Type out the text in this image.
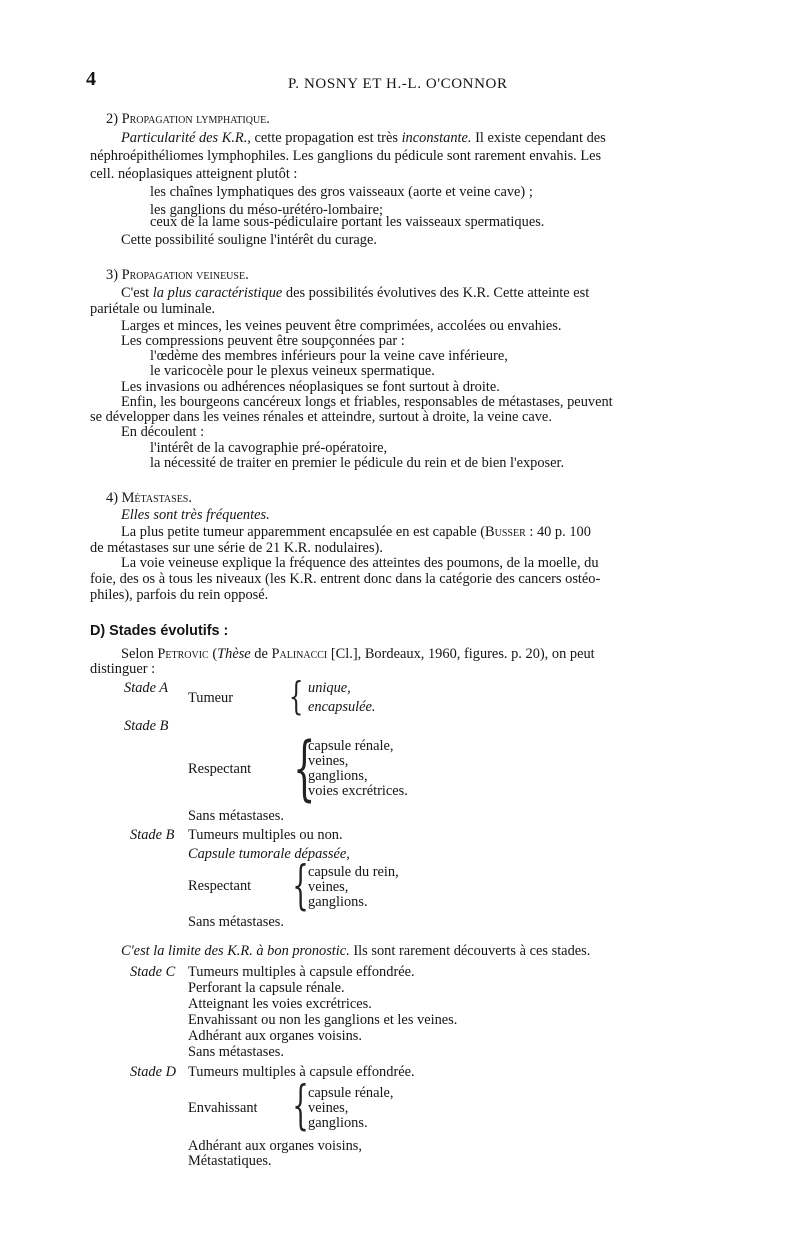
4	P. NOSNY ET H.-L. O'CONNOR
2) Propagation lymphatique.
Particularité des K.R., cette propagation est très inconstante. Il existe cependant des
néphroépithéliomes lymphophiles. Les ganglions du pédicule sont rarement envahis. Les
cell. néoplasiques atteignent plutôt :
les chaînes lymphatiques des gros vaisseaux (aorte et veine cave) ;
les ganglions du méso-urétéro-lombaire;
ceux de la lame sous-pédiculaire portant les vaisseaux spermatiques.
Cette possibilité souligne l'intérêt du curage.
3) Propagation veineuse.
C'est la plus caractéristique des possibilités évolutives des K.R. Cette atteinte est
pariétale ou luminale.
Larges et minces, les veines peuvent être comprimées, accolées ou envahies.
Les compressions peuvent être soupçonnées par :
l'œdème des membres inférieurs pour la veine cave inférieure,
le varicocèle pour le plexus veineux spermatique.
Les invasions ou adhérences néoplasiques se font surtout à droite.
Enfin, les bourgeons cancéreux longs et friables, responsables de métastases, peuvent
se développer dans les veines rénales et atteindre, surtout à droite, la veine cave.
En découlent :
l'intérêt de la cavographie pré-opératoire,
la nécessité de traiter en premier le pédicule du rein et de bien l'exposer.
4) Métastases.
Elles sont très fréquentes.
La plus petite tumeur apparemment encapsulée en est capable (Busser : 40 p. 100
de métastases sur une série de 21 K.R. nodulaires).
La voie veineuse explique la fréquence des atteintes des poumons, de la moelle, du
foie, des os à tous les niveaux (les K.R. entrent donc dans la catégorie des cancers ostéo-
philes), parfois du rein opposé.
D) Stades évolutifs :
Selon Petrovic (Thèse de Palinacci [Cl.], Bordeaux, 1960, figures. p. 20), on peut
distinguer :
Stade A
Tumeur { unique,
encapsulée.
Stade B
Respectant {
capsule rénale,
veines,
ganglions,
voies excrétrices.
Sans métastases.
Stade B Tumeurs multiples ou non.
Capsule tumorale dépassée,
Respectant { capsule du rein,
veines,
ganglions.
Sans métastases.
C'est la limite des K.R. à bon pronostic. Ils sont rarement découverts à ces stades.
Stade C Tumeurs multiples à capsule effondrée.
Perforant la capsule rénale.
Atteignant les voies excrétrices.
Envahissant ou non les ganglions et les veines.
Adhérant aux organes voisins.
Sans métastases.
Stade D Tumeurs multiples à capsule effondrée.
Envahissant { capsule rénale,
veines,
ganglions.
Adhérant aux organes voisins,
Métastatiques.
